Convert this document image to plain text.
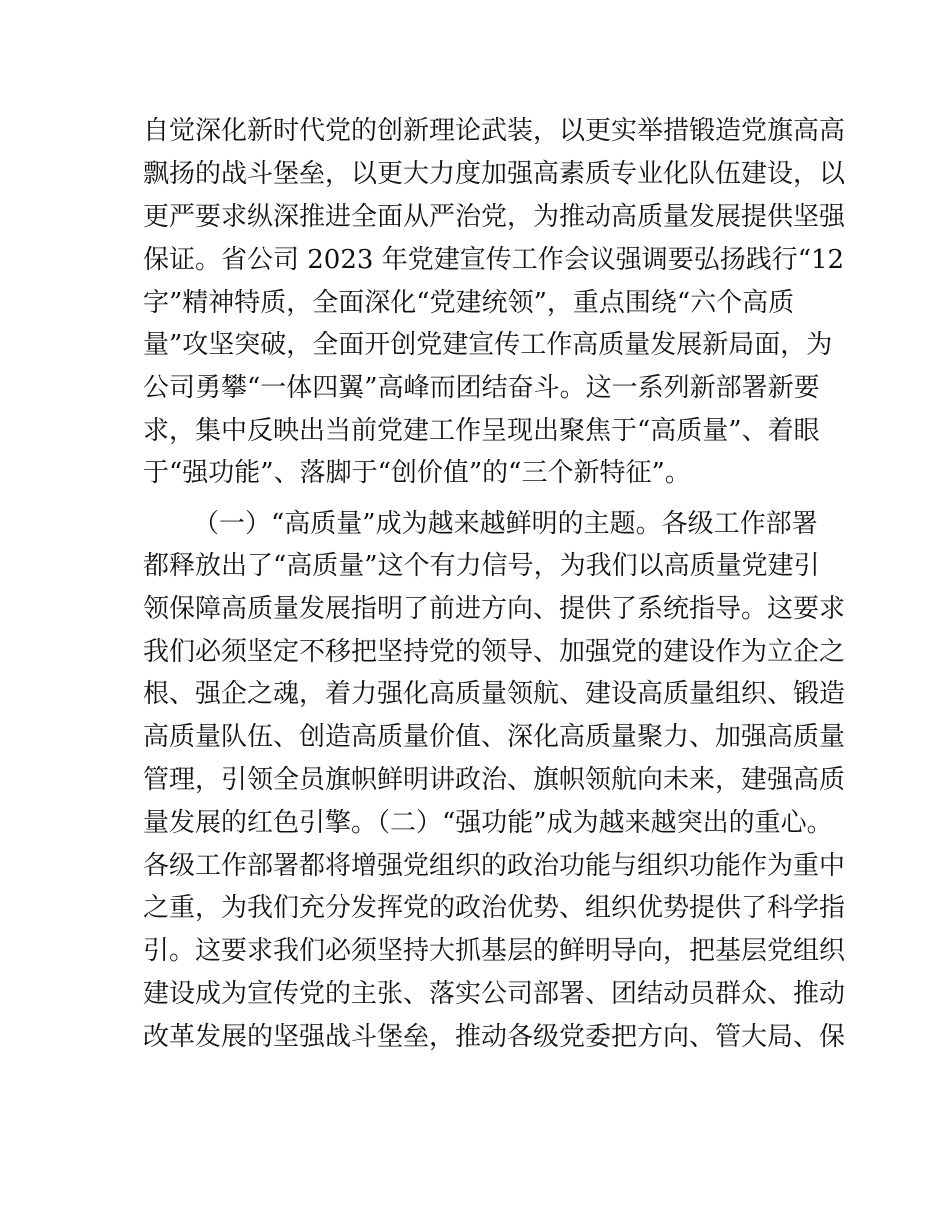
自觉深化新时代党的创新理论武装，以更实举措锻造党旗高高
飘扬的战斗堡垒，以更大力度加强高素质专业化队伍建设，以
更严要求纵深推进全面从严治党，为推动高质量发展提供坚强
保证。省公司 2023 年党建宣传工作会议强调要弘扬践行“12
字”精神特质，全面深化“党建统领”，重点围绕“六个高质
量”攻坚突破，全面开创党建宣传工作高质量发展新局面，为
公司勇攀“一体四翼”高峰而团结奋斗。这一系列新部署新要
求，集中反映出当前党建工作呈现出聚焦于“高质量”、着眼
于“强功能”、落脚于“创价值”的“三个新特征”。
（一）“高质量”成为越来越鲜明的主题。各级工作部署
都释放出了“高质量”这个有力信号，为我们以高质量党建引
领保障高质量发展指明了前进方向、提供了系统指导。这要求
我们必须坚定不移把坚持党的领导、加强党的建设作为立企之
根、强企之魂，着力强化高质量领航、建设高质量组织、锻造
高质量队伍、创造高质量价值、深化高质量聚力、加强高质量
管理，引领全员旗帜鲜明讲政治、旗帜领航向未来，建强高质
量发展的红色引擎。（二）“强功能”成为越来越突出的重心。
各级工作部署都将增强党组织的政治功能与组织功能作为重中
之重，为我们充分发挥党的政治优势、组织优势提供了科学指
引。这要求我们必须坚持大抓基层的鲜明导向，把基层党组织
建设成为宣传党的主张、落实公司部署、团结动员群众、推动
改革发展的坚强战斗堡垒，推动各级党委把方向、管大局、保
